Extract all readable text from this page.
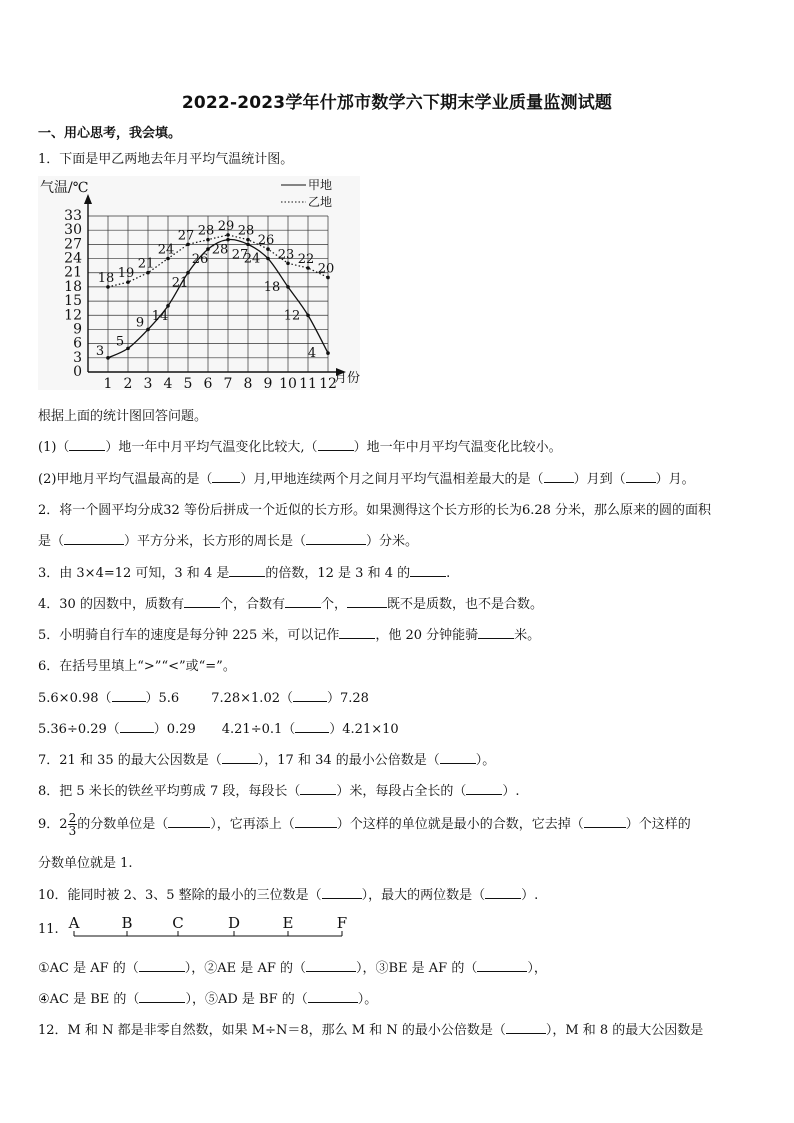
2022-2023学年什邡市数学六下期末学业质量监测试题
一、用心思考，我会填。
1．下面是甲乙两地去年月平均气温统计图。
0
3
6
9
12
15
18
21
24
27
30
33
1 2 3 4 5 6 7 8 9 10 11 12
气温/℃
月份
甲地
乙地
3
5
9 14
21
26
28 27
24
18
12
4
18 19
21
24
27 28 29 28
26
23 22
20
根据上面的统计图回答问题。
(1)（	）地一年中月平均气温变化比较大,（	）地一年中月平均气温变化比较小。
(2)甲地月平均气温最高的是（ ）月,甲地连续两个月之间月平均气温相差最大的是（ ）月到（ ）月。
2．将一个圆平均分成32 等份后拼成一个近似的长方形。如果测得这个长方形的长为6.28 分米，那么原来的圆的面积
是（	）平方分米，长方形的周长是（	）分米。
3．由 3×4=12 可知，3 和 4 是	的倍数，12 是 3 和 4 的	.
4．30 的因数中，质数有	个，合数有	个，	既不是质数，也不是合数。
5．小明骑自行车的速度是每分钟 225 米，可以记作	，他 20 分钟能骑	米。
6．在括号里填上“>”“<”或“=”。
5.6×0.98（	）5.6 7.28×1.02（	）7.28
5.36÷0.29（	）0.29 4.21÷0.1（	）4.21×10
7．21 和 35 的最大公因数是（	），17 和 34 的最小公倍数是（	）。
8．把 5 米长的铁丝平均剪成 7 段，每段长（	）米，每段占全长的（	）.
9．$2 \frac{2}{3}$ 的分数单位是（	），它再添上（	）个这样的单位就是最小的合数，它去掉（	）个这样的
分数单位就是 1.
10．能同时被 2、3、5 整除的最小的三位数是（	），最大的两位数是（	）.
11. A	B	C	D	E	F
①AC 是 AF 的（	），②AE 是 AF 的（	），③BE 是 AF 的（	），
④AC 是 BE 的（	），⑤AD 是 BF 的（	）。
12．M 和 N 都是非零自然数，如果 M÷N＝8，那么 M 和 N 的最小公倍数是（	），M 和 8 的最大公因数是
